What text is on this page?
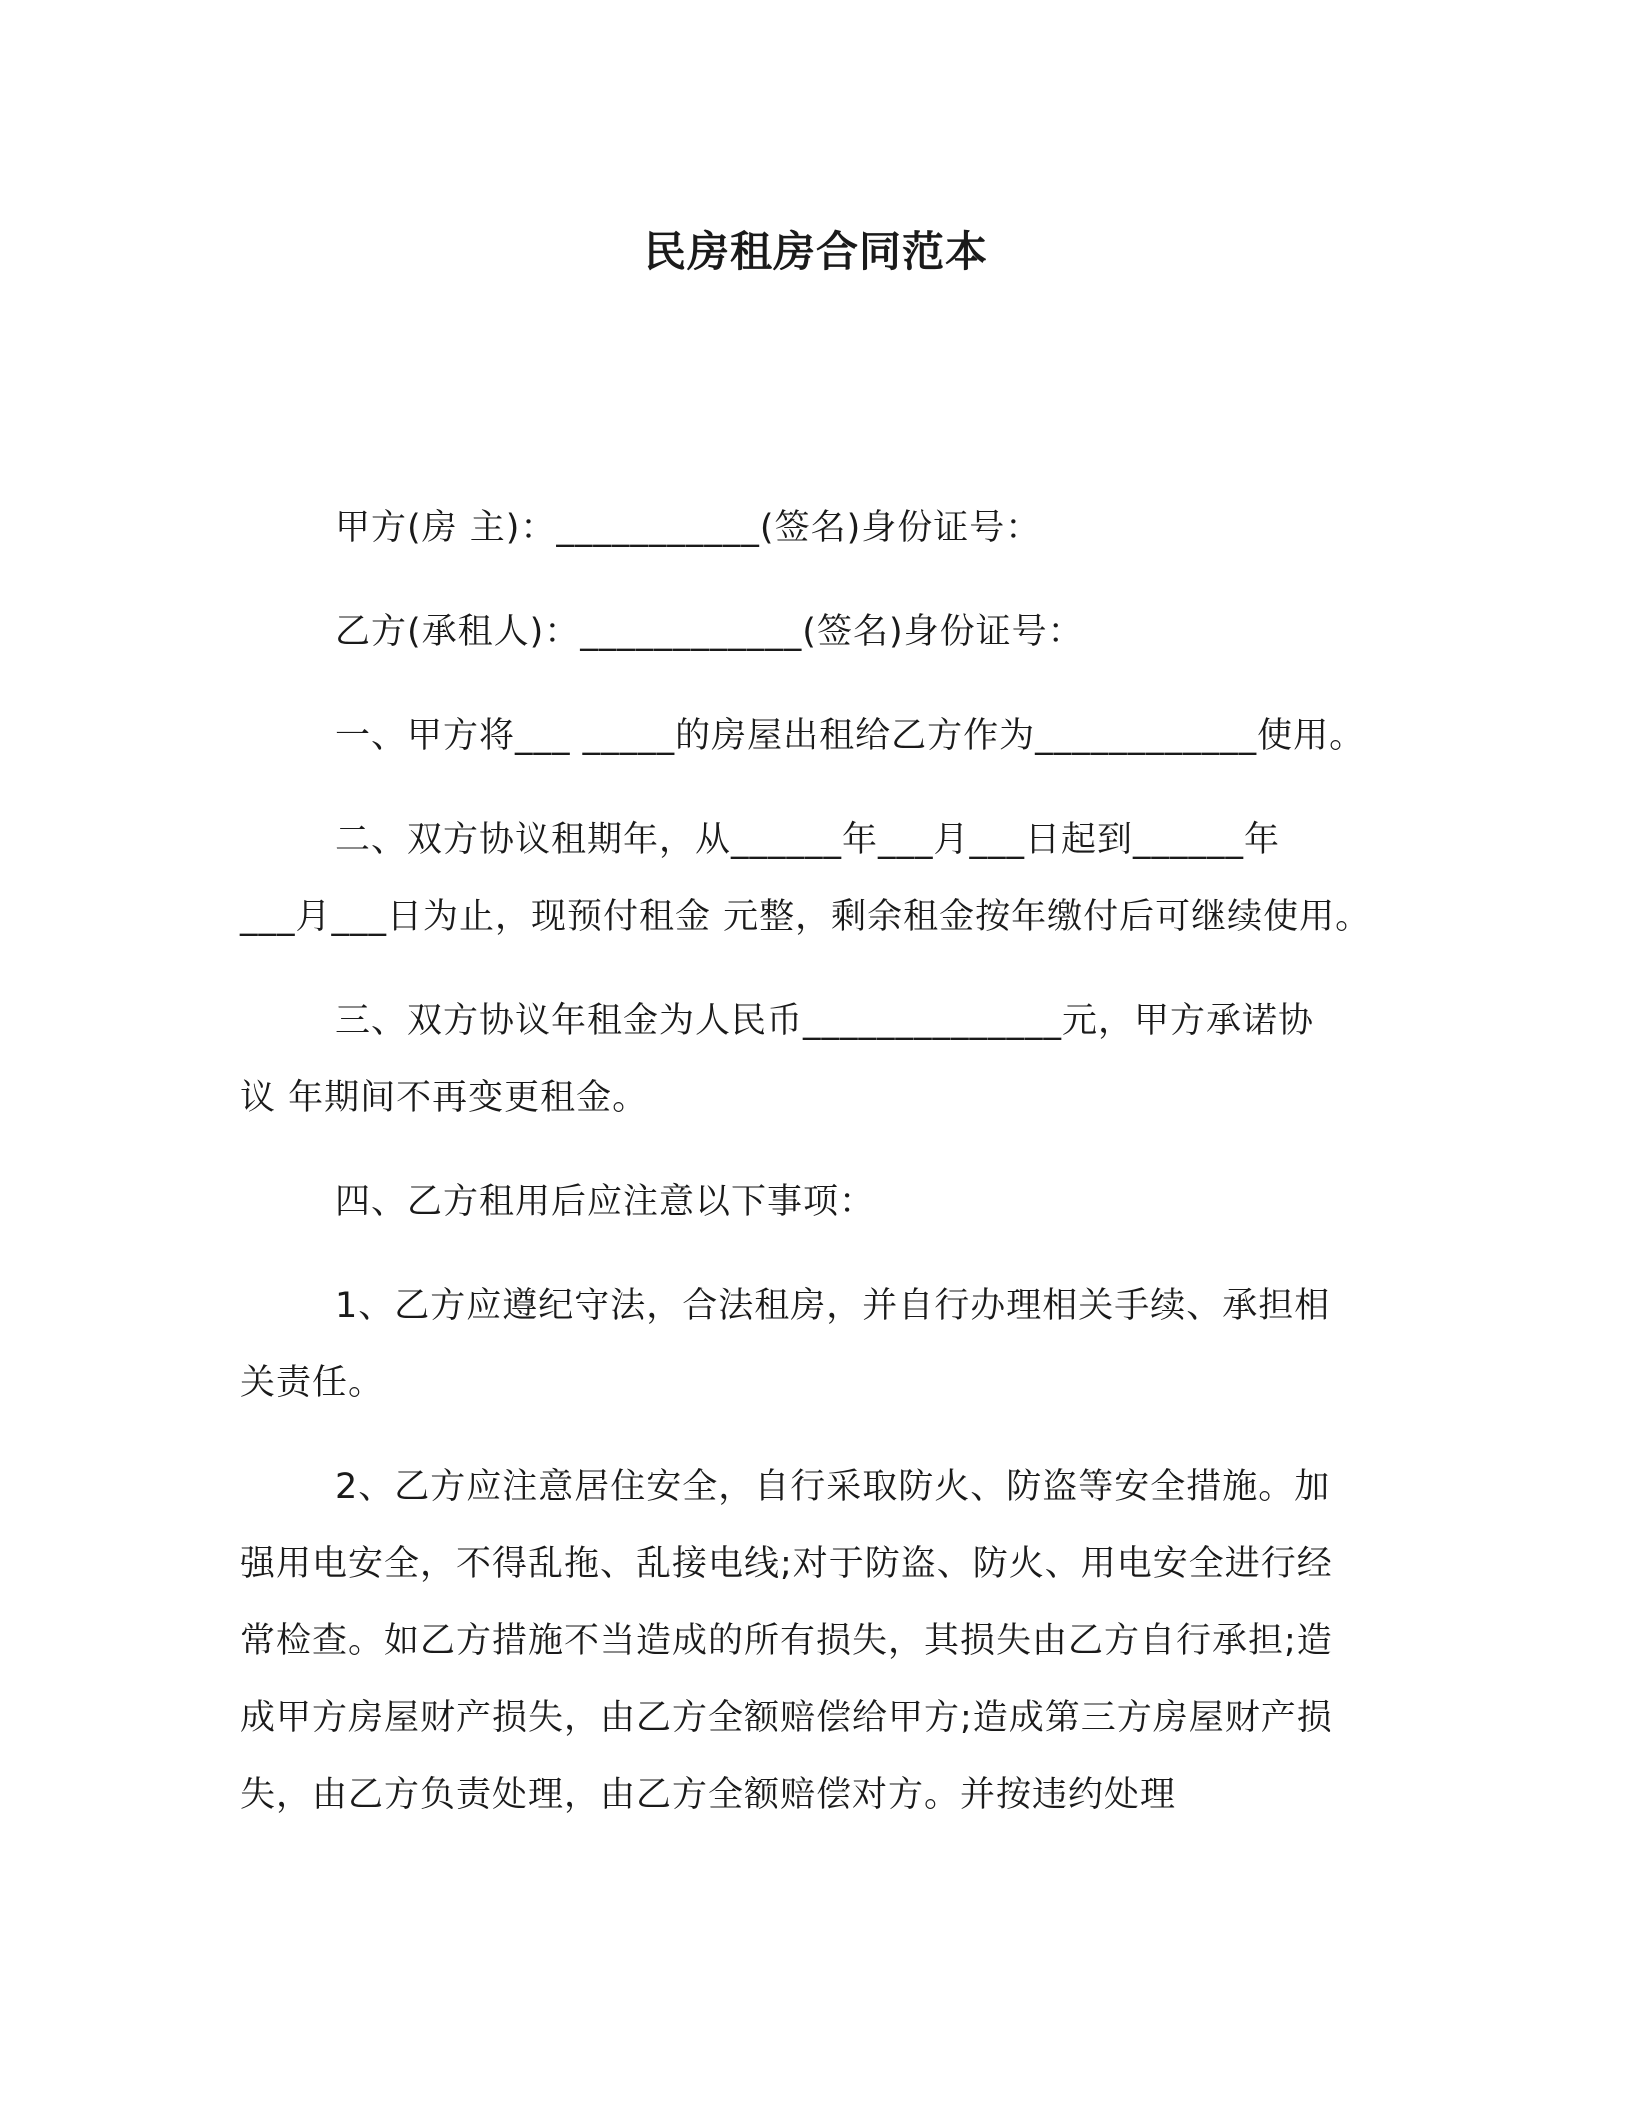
民房租房合同范本
甲方(房 主)：___________(签名)身份证号：
乙方(承租人)：____________(签名)身份证号：
一、甲方将___ _____的房屋出租给乙方作为____________使用。
二、双方协议租期年，从______年___月___日起到______年
___月___日为止，现预付租金 元整，剩余租金按年缴付后可继续使用。
三、双方协议年租金为人民币______________元，甲方承诺协
议 年期间不再变更租金。
四、乙方租用后应注意以下事项：
1、乙方应遵纪守法，合法租房，并自行办理相关手续、承担相
关责任。
2、乙方应注意居住安全，自行采取防火、防盗等安全措施。加
强用电安全，不得乱拖、乱接电线;对于防盗、防火、用电安全进行经
常检查。如乙方措施不当造成的所有损失，其损失由乙方自行承担;造
成甲方房屋财产损失，由乙方全额赔偿给甲方;造成第三方房屋财产损
失，由乙方负责处理，由乙方全额赔偿对方。并按违约处理
